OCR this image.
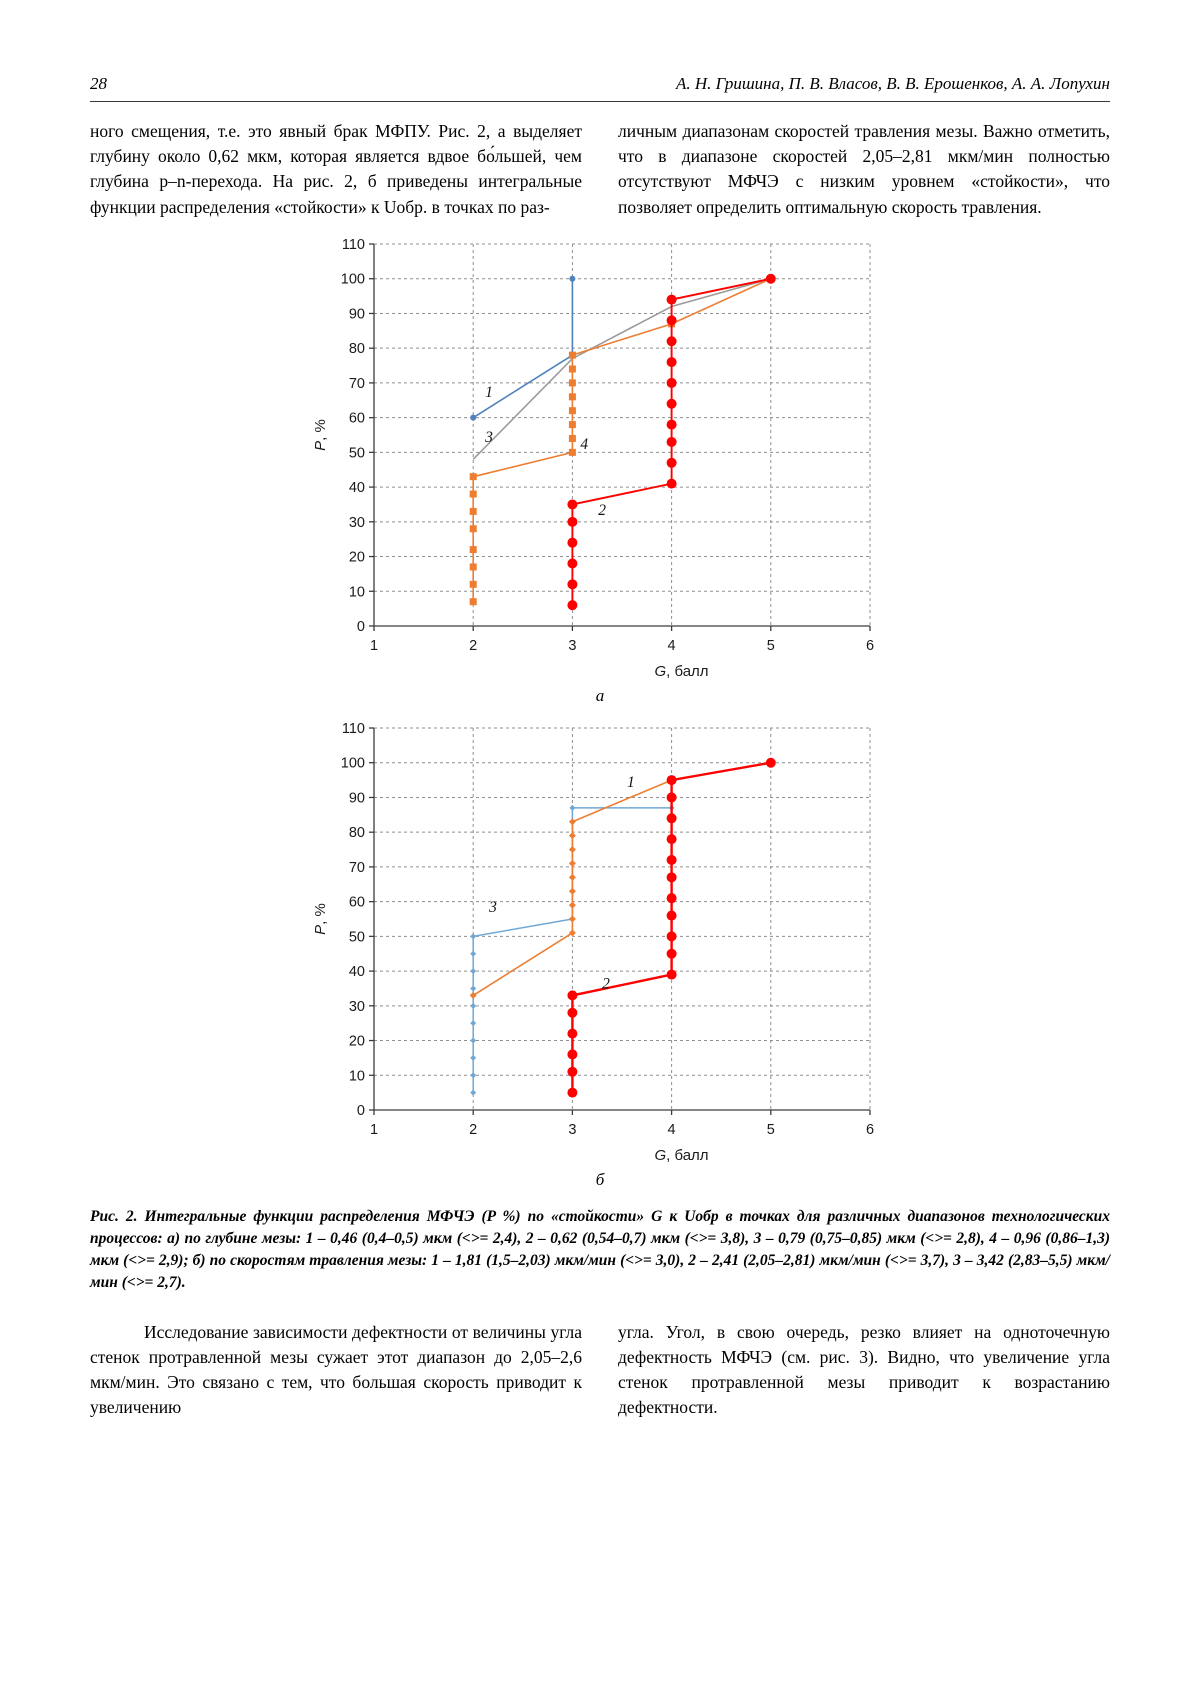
28	А. Н. Гришина, П. В. Власов, В. В. Ерошенков, А. А. Лопухин

ного смещения, т.е. это явный брак МФПУ. Рис. 2, а выделяет глубину около 0,62 мкм, которая является вдвое бо́льшей, чем глубина p–n-перехода. На рис. 2, б приведены интегральные функции распределения «стойкости» к Uобр. в точках по раз-

личным диапазонам скоростей травления мезы. Важно отметить, что в диапазоне скоростей 2,05–2,81 мкм/мин полностью отсутствуют МФЧЭ с низким уровнем «стойкости», что позволяет определить оптимальную скорость травления.

1	2	3	4	5	6
0
10
20
30
40
50
60
70
80
90
100
110
1
3	4
2
G, балл
P, %
а
1	2	3	4	5	6
0
10
20
30
40
50
60
70
80
90
100
110
3
1
2
G, балл
P, %
б

Рис. 2. Интегральные функции распределения МФЧЭ (P %) по «стойкости» G к Uобр в точках для различных диапазонов технологических процессов: а) по глубине мезы: 1 – 0,46 (0,4–0,5) мкм (<>= 2,4), 2 – 0,62 (0,54–0,7) мкм (<>= 3,8), 3 – 0,79 (0,75–0,85) мкм (<>= 2,8), 4 – 0,96 (0,86–1,3) мкм (<>= 2,9); б) по скоростям травления мезы: 1 – 1,81 (1,5–2,03) мкм/мин (<>= 3,0), 2 – 2,41 (2,05–2,81) мкм/мин (<>= 3,7), 3 – 3,42 (2,83–5,5) мкм/мин (<>= 2,7).

Исследование зависимости дефектности от величины угла стенок протравленной мезы сужает этот диапазон до 2,05–2,6 мкм/мин. Это связано с тем, что большая скорость приводит к увеличению

угла. Угол, в свою очередь, резко влияет на одноточечную дефектность МФЧЭ (см. рис. 3). Видно, что увеличение угла стенок протравленной мезы приводит к возрастанию дефектности.
